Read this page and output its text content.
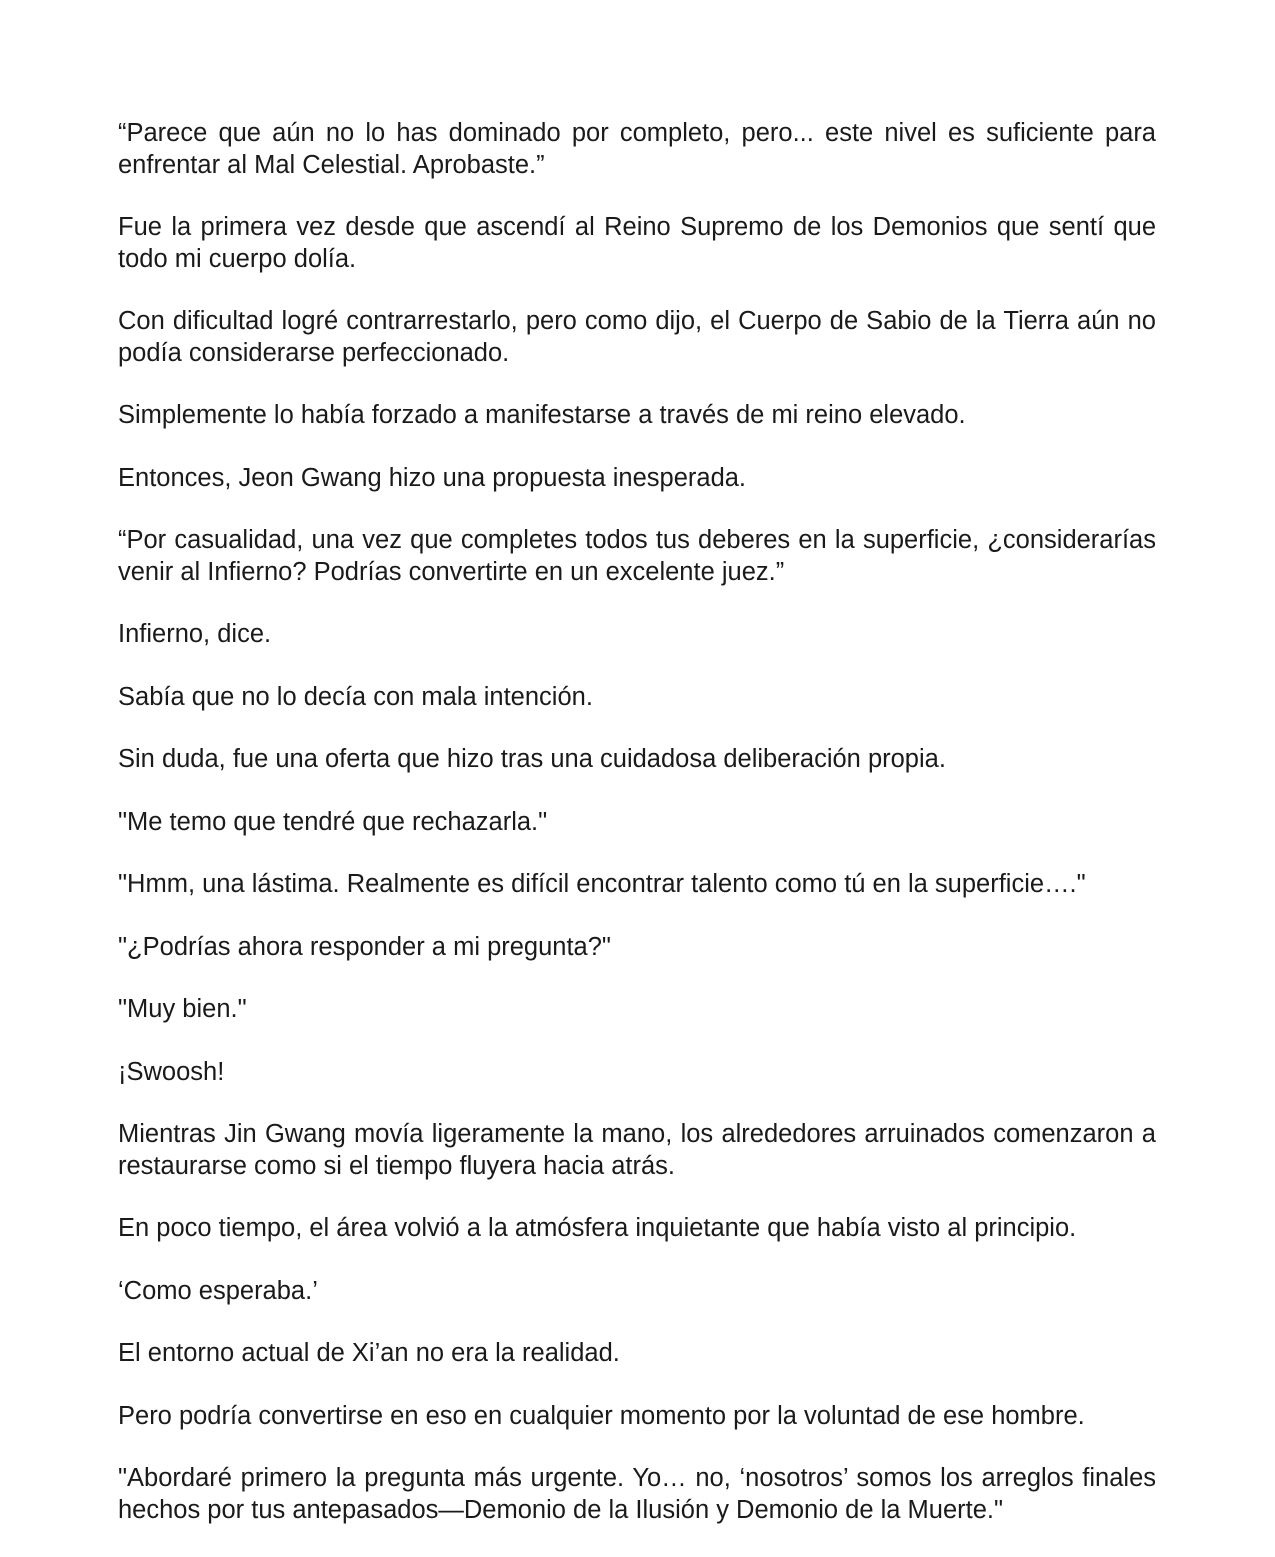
“Parece que aún no lo has dominado por completo, pero... este nivel es suficiente para enfrentar al Mal Celestial. Aprobaste.”

Fue la primera vez desde que ascendí al Reino Supremo de los Demonios que sentí que todo mi cuerpo dolía.

Con dificultad logré contrarrestarlo, pero como dijo, el Cuerpo de Sabio de la Tierra aún no podía considerarse perfeccionado.

Simplemente lo había forzado a manifestarse a través de mi reino elevado.

Entonces, Jeon Gwang hizo una propuesta inesperada.

“Por casualidad, una vez que completes todos tus deberes en la superficie, ¿considerarías venir al Infierno? Podrías convertirte en un excelente juez.”

Infierno, dice.

Sabía que no lo decía con mala intención.

Sin duda, fue una oferta que hizo tras una cuidadosa deliberación propia.

"Me temo que tendré que rechazarla."

"Hmm, una lástima. Realmente es difícil encontrar talento como tú en la superficie…."

"¿Podrías ahora responder a mi pregunta?"

"Muy bien."

¡Swoosh!

Mientras Jin Gwang movía ligeramente la mano, los alrededores arruinados comenzaron a restaurarse como si el tiempo fluyera hacia atrás.

En poco tiempo, el área volvió a la atmósfera inquietante que había visto al principio.

‘Como esperaba.’

El entorno actual de Xi’an no era la realidad.

Pero podría convertirse en eso en cualquier momento por la voluntad de ese hombre.

"Abordaré primero la pregunta más urgente. Yo… no, ‘nosotros’ somos los arreglos finales hechos por tus antepasados—Demonio de la Ilusión y Demonio de la Muerte."
